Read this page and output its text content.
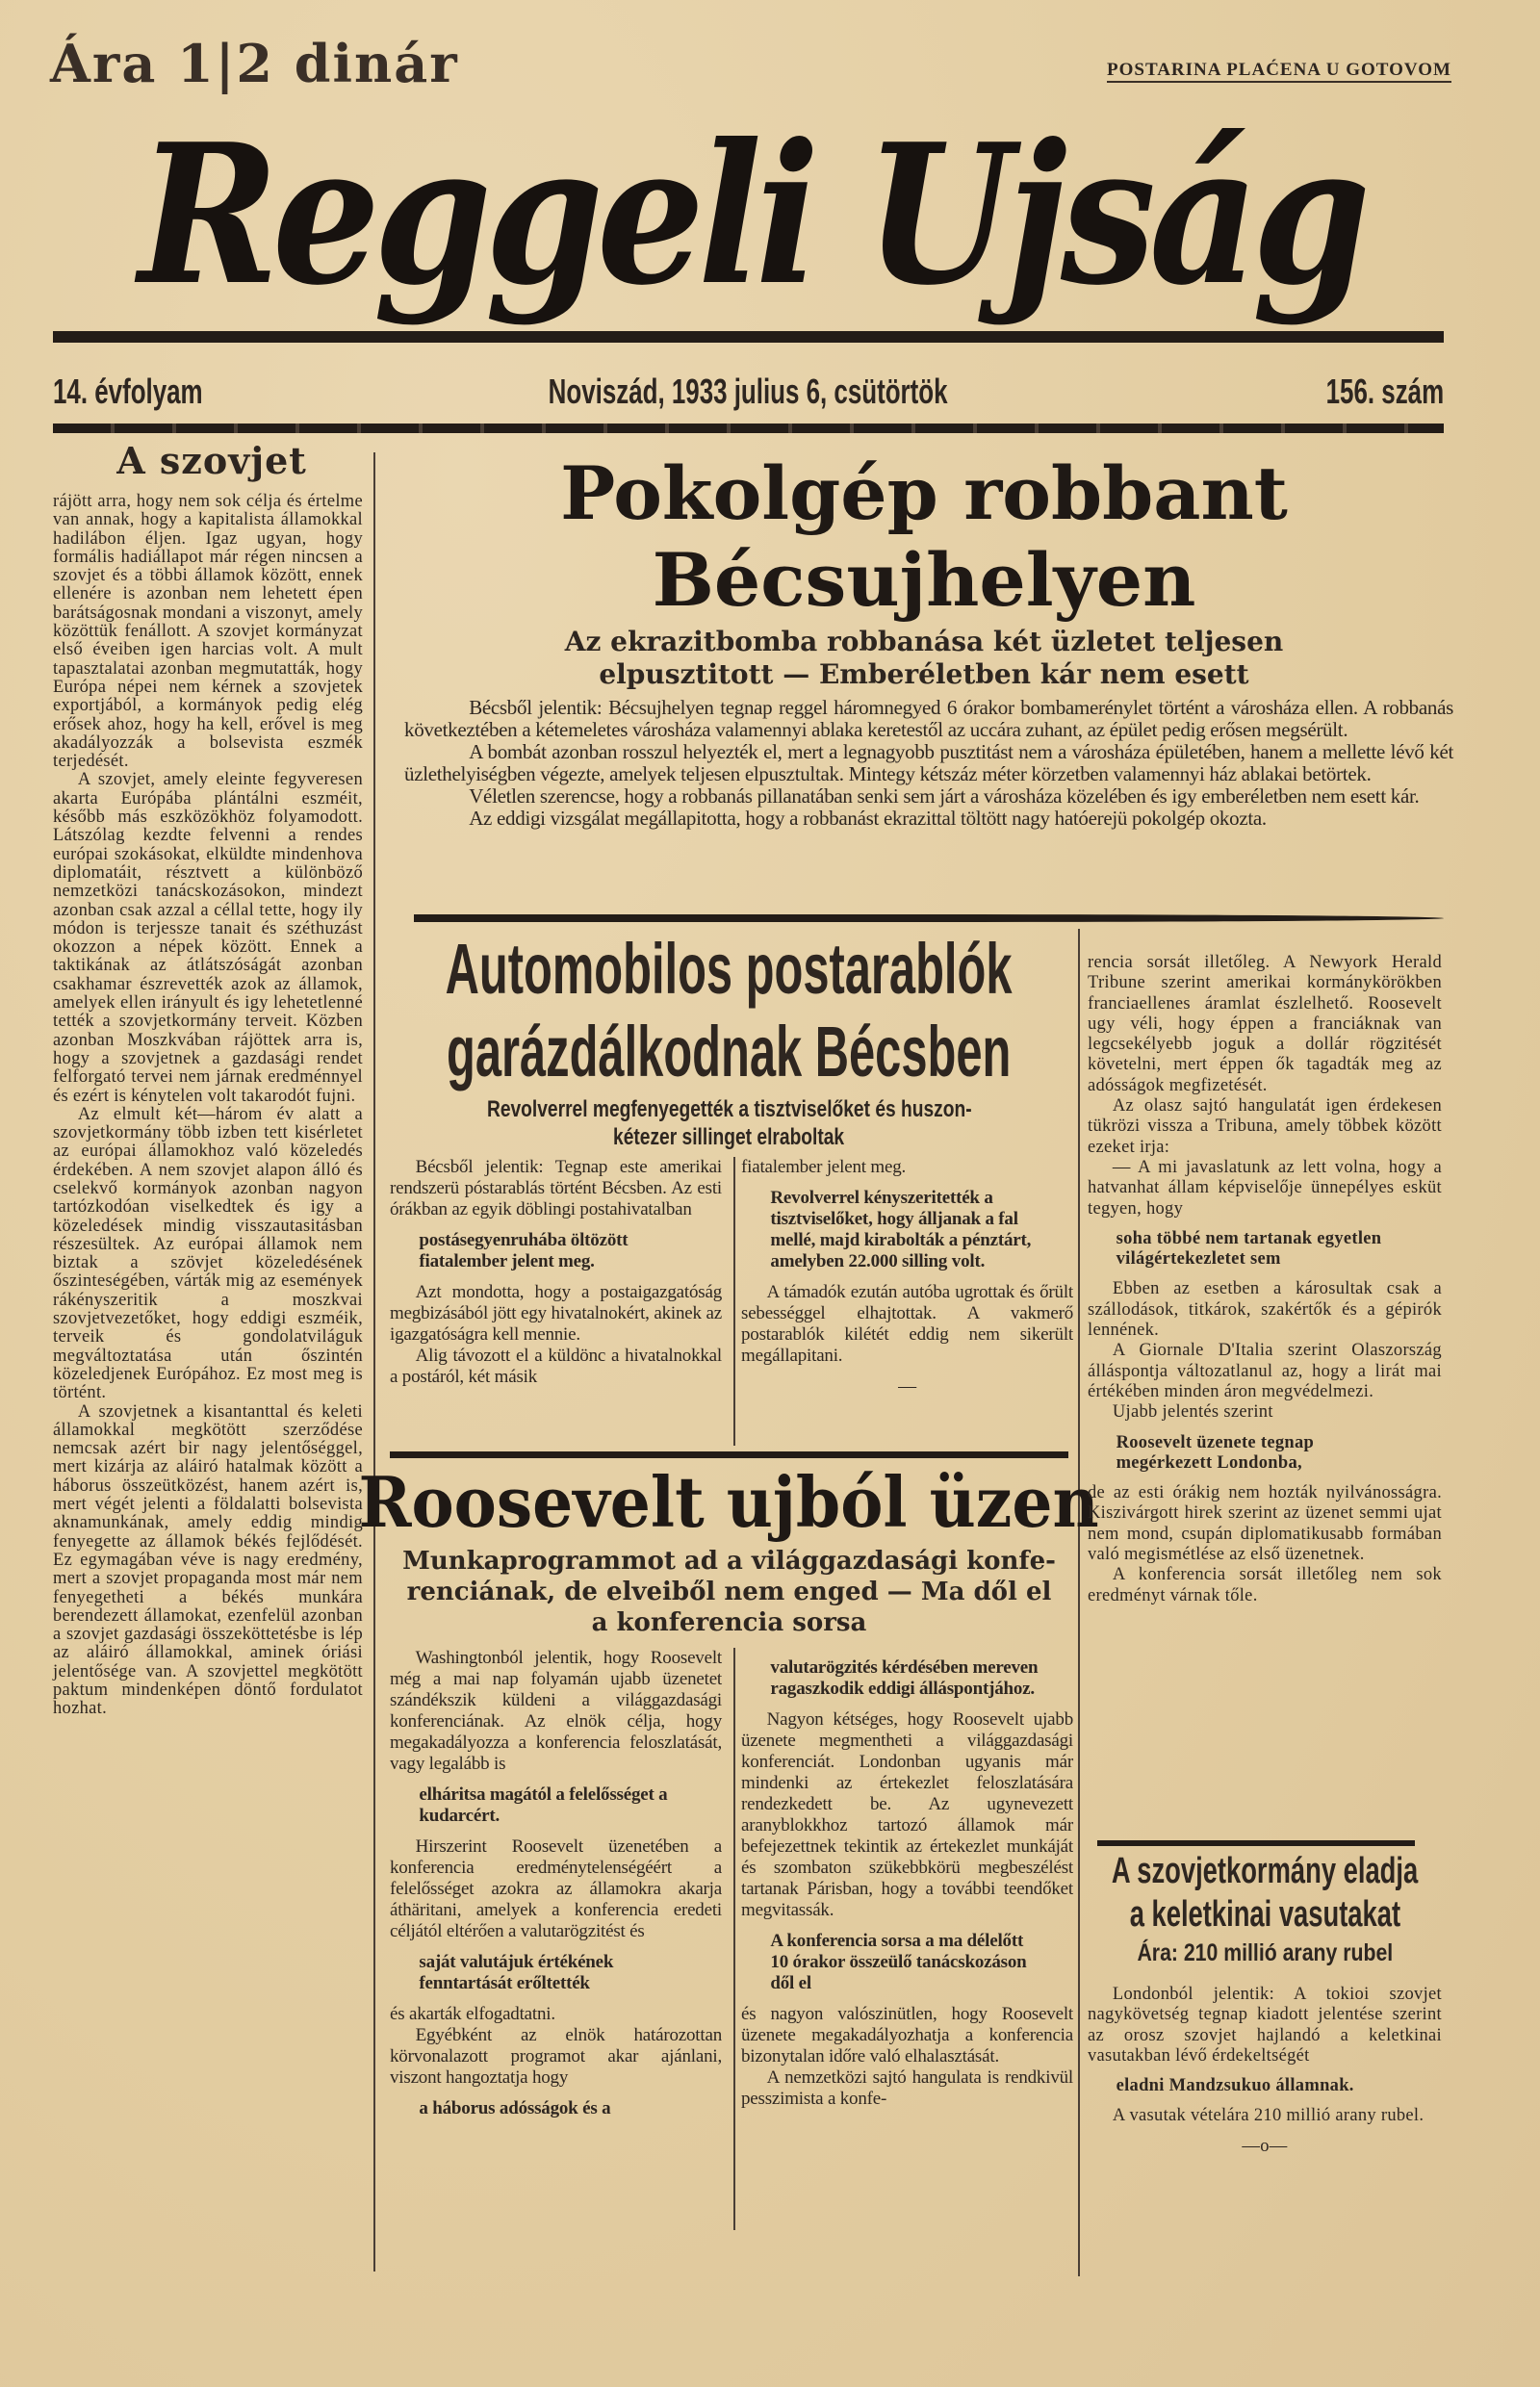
Ára 1|2 dinár	POSTARINA PLAĆENA U GOTOVOM
Reggeli Ujság
14. évfolyam	Noviszád, 1933 julius 6, csütörtök	156. szám
A szovjet

rájött arra, hogy nem sok célja és értelme van annak, hogy a kapitalista államokkal hadilábon éljen. Igaz ugyan, hogy formális hadiállapot már régen nincsen a szovjet és a többi államok között, ennek ellenére is azonban nem lehetett épen barátságosnak mondani a viszonyt, amely közöttük fenállott. A szovjet kormányzat első éveiben igen harcias volt. A mult tapasztalatai azonban megmutatták, hogy Európa népei nem kérnek a szovjetek exportjából, a kormányok pedig elég erősek ahoz, hogy ha kell, erővel is meg akadályozzák a bolsevista eszmék terjedését.

A szovjet, amely eleinte fegyveresen akarta Európába plántálni eszméit, később más eszközökhöz folyamodott. Látszólag kezdte felvenni a rendes európai szokásokat, elküldte mindenhova diplomatáit, résztvett a különböző nemzetközi tanácskozásokon, mindezt azonban csak azzal a céllal tette, hogy ily módon is terjessze tanait és széthuzást okozzon a népek között. Ennek a taktikának az átlátszóságát azonban csakhamar észrevették azok az államok, amelyek ellen irányult és igy lehetetlenné tették a szovjetkormány terveit. Közben azonban Moszkvában rájöttek arra is, hogy a szovjetnek a gazdasági rendet felforgató tervei nem járnak eredménnyel és ezért is kénytelen volt takarodót fujni.

Az elmult két—három év alatt a szovjetkormány több izben tett kisérletet az európai államokhoz való közeledés érdekében. A nem szovjet alapon álló és cselekvő kormányok azonban nagyon tartózkodóan viselkedtek és igy a közeledések mindig visszautasitásban részesültek. Az európai államok nem biztak a szövjet közeledésének őszinteségében, várták mig az események rákényszeritik a moszkvai szovjetvezetőket, hogy eddigi eszméik, terveik és gondolatviláguk megváltoztatása után őszintén közeledjenek Európához. Ez most meg is történt.

A szovjetnek a kisantanttal és keleti államokkal megkötött szerződése nemcsak azért bir nagy jelentőséggel, mert kizárja az aláiró hatalmak között a háborus összeütközést, hanem azért is, mert végét jelenti a földalatti bolsevista aknamunkának, amely eddig mindig fenyegette az államok békés fejlődését. Ez egymagában véve is nagy eredmény, mert a szovjet propaganda most már nem fenyegetheti a békés munkára berendezett államokat, ezenfelül azonban a szovjet gazdasági összeköttetésbe is lép az aláiró államokkal, aminek óriási jelentősége van. A szovjettel megkötött paktum mindenképen döntő fordulatot hozhat.

Pokolgép robbant
Bécsujhelyen
Az ekrazitbomba robbanása két üzletet teljesen
elpusztitott — Emberéletben kár nem esett

Bécsből jelentik: Bécsujhelyen tegnap reggel háromnegyed 6 órakor bombamerénylet történt a városháza ellen. A robbanás következtében a kétemeletes városháza valamennyi ablaka keretestől az uccára zuhant, az épület pedig erősen megsérült.

A bombát azonban rosszul helyezték el, mert a legnagyobb pusztitást nem a városháza épületében, hanem a mellette lévő két üzlethelyiségben végezte, amelyek teljesen elpusztultak. Mintegy kétszáz méter körzetben valamennyi ház ablakai betörtek.

Véletlen szerencse, hogy a robbanás pillanatában senki sem járt a városháza közelében és igy emberéletben nem esett kár.

Az eddigi vizsgálat megállapitotta, hogy a robbanást ekrazittal töltött nagy hatóerejü pokolgép okozta.

Automobilos postarablók
garázdálkodnak Bécsben
Revolverrel megfenyegették a tisztviselőket és huszon-
kétezer sillinget elraboltak

Bécsből jelentik: Tegnap este amerikai rendszerü póstarablás történt Bécsben. Az esti órákban az egyik döblingi postahivatalban

postásegyenruhába öltözött fiatalember jelent meg.

Azt mondotta, hogy a postaigazgatóság megbizásából jött egy hivatalnokért, akinek az igazgatóságra kell mennie.

Alig távozott el a küldönc a hivatalnokkal a postáról, két másik

fiatalember jelent meg.

Revolverrel kényszeritették a tisztviselőket, hogy álljanak a fal mellé, majd kirabolták a pénztárt, amelyben 22.000 silling volt.

A támadók ezután autóba ugrottak és őrült sebességgel elhajtottak. A vakmerő postarablók kilétét eddig nem sikerült megállapitani.

—

Roosevelt ujból üzen
Munkaprogrammot ad a világgazdasági konfe-
renciának, de elveiből nem enged — Ma dől el
a konferencia sorsa

Washingtonból jelentik, hogy Roosevelt még a mai nap folyamán ujabb üzenetet szándékszik küldeni a világgazdasági konferenciának. Az elnök célja, hogy megakadályozza a konferencia feloszlatását, vagy legalább is

elháritsa magától a felelősséget a kudarcért.

Hirszerint Roosevelt üzenetében a konferencia eredménytelenségéért a felelősséget azokra az államokra akarja áthäritani, amelyek a konferencia eredeti céljától eltérően a valutarögzitést és

saját valutájuk értékének fenntartását erőltették

és akarták elfogadtatni.

Egyébként az elnök határozottan körvonalazott programot akar ajánlani, viszont hangoztatja hogy

a háborus adósságok és a

valutarögzités kérdésében mereven ragaszkodik eddigi álláspontjához.

Nagyon kétséges, hogy Roosevelt ujabb üzenete megmentheti a világgazdasági konferenciát. Londonban ugyanis már mindenki az értekezlet feloszlatására rendezkedett be. Az ugynevezett aranyblokkhoz tartozó államok már befejezettnek tekintik az értekezlet munkáját és szombaton szükebbkörü megbeszélést tartanak Párisban, hogy a további teendőket megvitassák.

A konferencia sorsa a ma délelőtt 10 órakor összeülő tanácskozáson dől el

és nagyon valószinütlen, hogy Roosevelt üzenete megakadályozhatja a konferencia bizonytalan időre való elhalasztását.

A nemzetközi sajtó hangulata is rendkivül pesszimista a konfe-

rencia sorsát illetőleg. A Newyork Herald Tribune szerint amerikai kormánykörökben franciaellenes áramlat észlelhető. Roosevelt ugy véli, hogy éppen a franciáknak van legcsekélyebb joguk a dollár rögzitését követelni, mert éppen ők tagadták meg az adósságok megfizetését.

Az olasz sajtó hangulatát igen érdekesen tükrözi vissza a Tribuna, amely többek között ezeket irja:

— A mi javaslatunk az lett volna, hogy a hatvanhat állam képviselője ünnepélyes esküt tegyen, hogy

soha többé nem tartanak egyetlen világértekezletet sem

Ebben az esetben a károsultak csak a szállodások, titkárok, szakértők és a gépirók lennének.

A Giornale D'Italia szerint Olaszország álláspontja változatlanul az, hogy a lirát mai értékében minden áron megvédelmezi.

Ujabb jelentés szerint

Roosevelt üzenete tegnap megérkezett Londonba,

de az esti órákig nem hozták nyilvánosságra. Kiszivárgott hirek szerint az üzenet semmi ujat nem mond, csupán diplomatikusabb formában való megismétlése az első üzenetnek.

A konferencia sorsát illetőleg nem sok eredményt várnak tőle.

A szovjetkormány eladja
a keletkinai vasutakat
Ára: 210 millió arany rubel

Londonból jelentik: A tokioi szovjet nagykövetség tegnap kiadott jelentése szerint az orosz szovjet hajlandó a keletkinai vasutakban lévő érdekeltségét

eladni Mandzsukuo államnak.

A vasutak vételára 210 millió arany rubel.

—o—
